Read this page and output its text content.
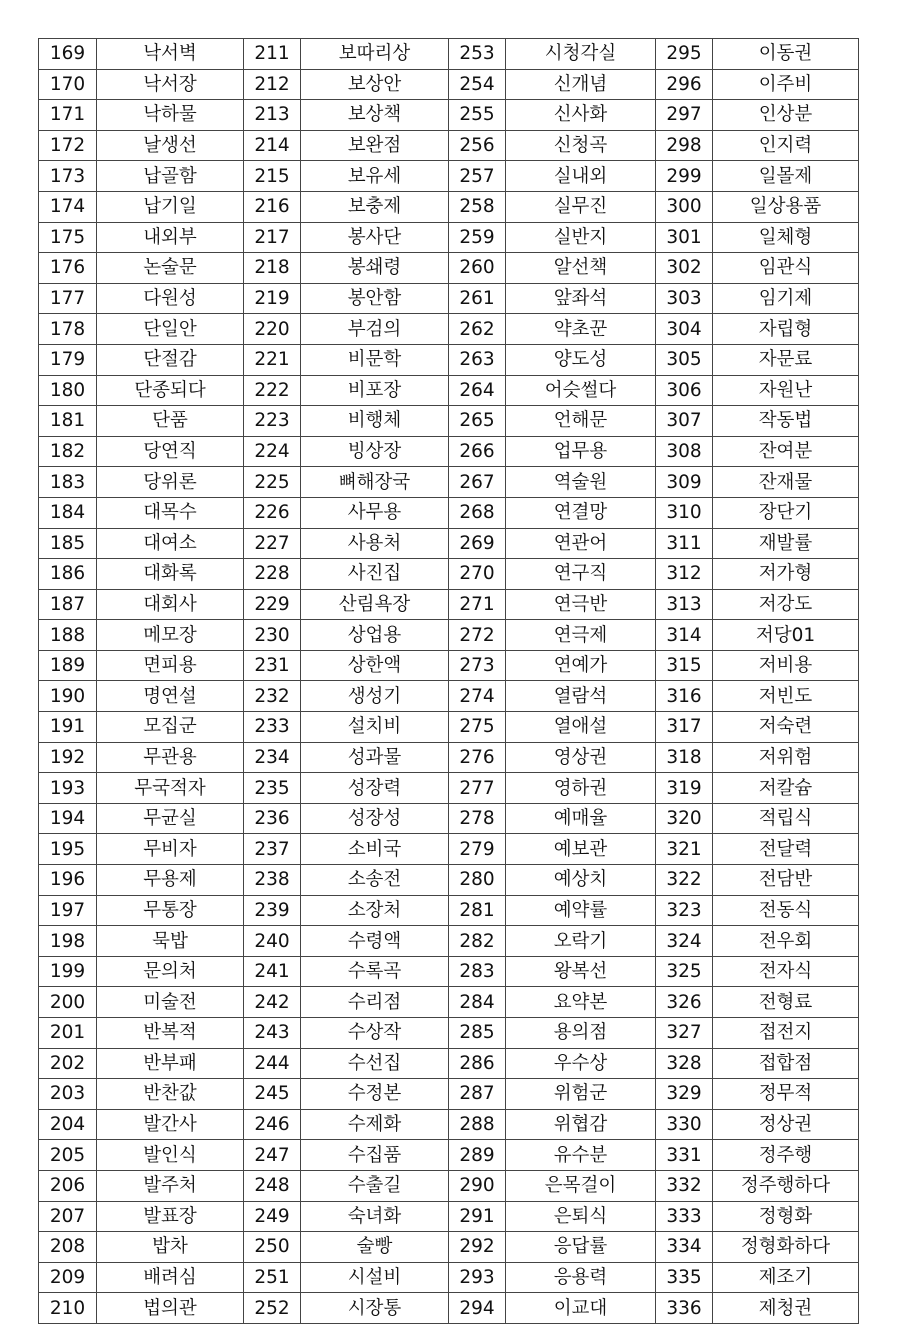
169	낙서벽	211	보따리상	253	시청각실	295	이동권
170	낙서장	212	보상안	254	신개념	296	이주비
171	낙하물	213	보상책	255	신사화	297	인상분
172	날생선	214	보완점	256	신청곡	298	인지력
173	납골함	215	보유세	257	실내외	299	일몰제
174	납기일	216	보충제	258	실무진	300	일상용품
175	내외부	217	봉사단	259	실반지	301	일체형
176	논술문	218	봉쇄령	260	알선책	302	임관식
177	다원성	219	봉안함	261	앞좌석	303	임기제
178	단일안	220	부검의	262	약초꾼	304	자립형
179	단절감	221	비문학	263	양도성	305	자문료
180	단종되다	222	비포장	264	어슷썰다	306	자원난
181	단품	223	비행체	265	언해문	307	작동법
182	당연직	224	빙상장	266	업무용	308	잔여분
183	당위론	225	뼈해장국	267	역술원	309	잔재물
184	대목수	226	사무용	268	연결망	310	장단기
185	대여소	227	사용처	269	연관어	311	재발률
186	대화록	228	사진집	270	연구직	312	저가형
187	대회사	229	산림욕장	271	연극반	313	저강도
188	메모장	230	상업용	272	연극제	314	저당01
189	면피용	231	상한액	273	연예가	315	저비용
190	명연설	232	생성기	274	열람석	316	저빈도
191	모집군	233	설치비	275	열애설	317	저숙련
192	무관용	234	성과물	276	영상권	318	저위험
193	무국적자	235	성장력	277	영하권	319	저칼슘
194	무균실	236	성장성	278	예매율	320	적립식
195	무비자	237	소비국	279	예보관	321	전달력
196	무용제	238	소송전	280	예상치	322	전담반
197	무통장	239	소장처	281	예약률	323	전동식
198	묵밥	240	수령액	282	오락기	324	전우회
199	문의처	241	수록곡	283	왕복선	325	전자식
200	미술전	242	수리점	284	요약본	326	전형료
201	반복적	243	수상작	285	용의점	327	접전지
202	반부패	244	수선집	286	우수상	328	접합점
203	반찬값	245	수정본	287	위험군	329	정무적
204	발간사	246	수제화	288	위협감	330	정상권
205	발인식	247	수집품	289	유수분	331	정주행
206	발주처	248	수출길	290	은목걸이	332	정주행하다
207	발표장	249	숙녀화	291	은퇴식	333	정형화
208	밥차	250	술빵	292	응답률	334	정형화하다
209	배려심	251	시설비	293	응용력	335	제조기
210	법의관	252	시장통	294	이교대	336	제청권
